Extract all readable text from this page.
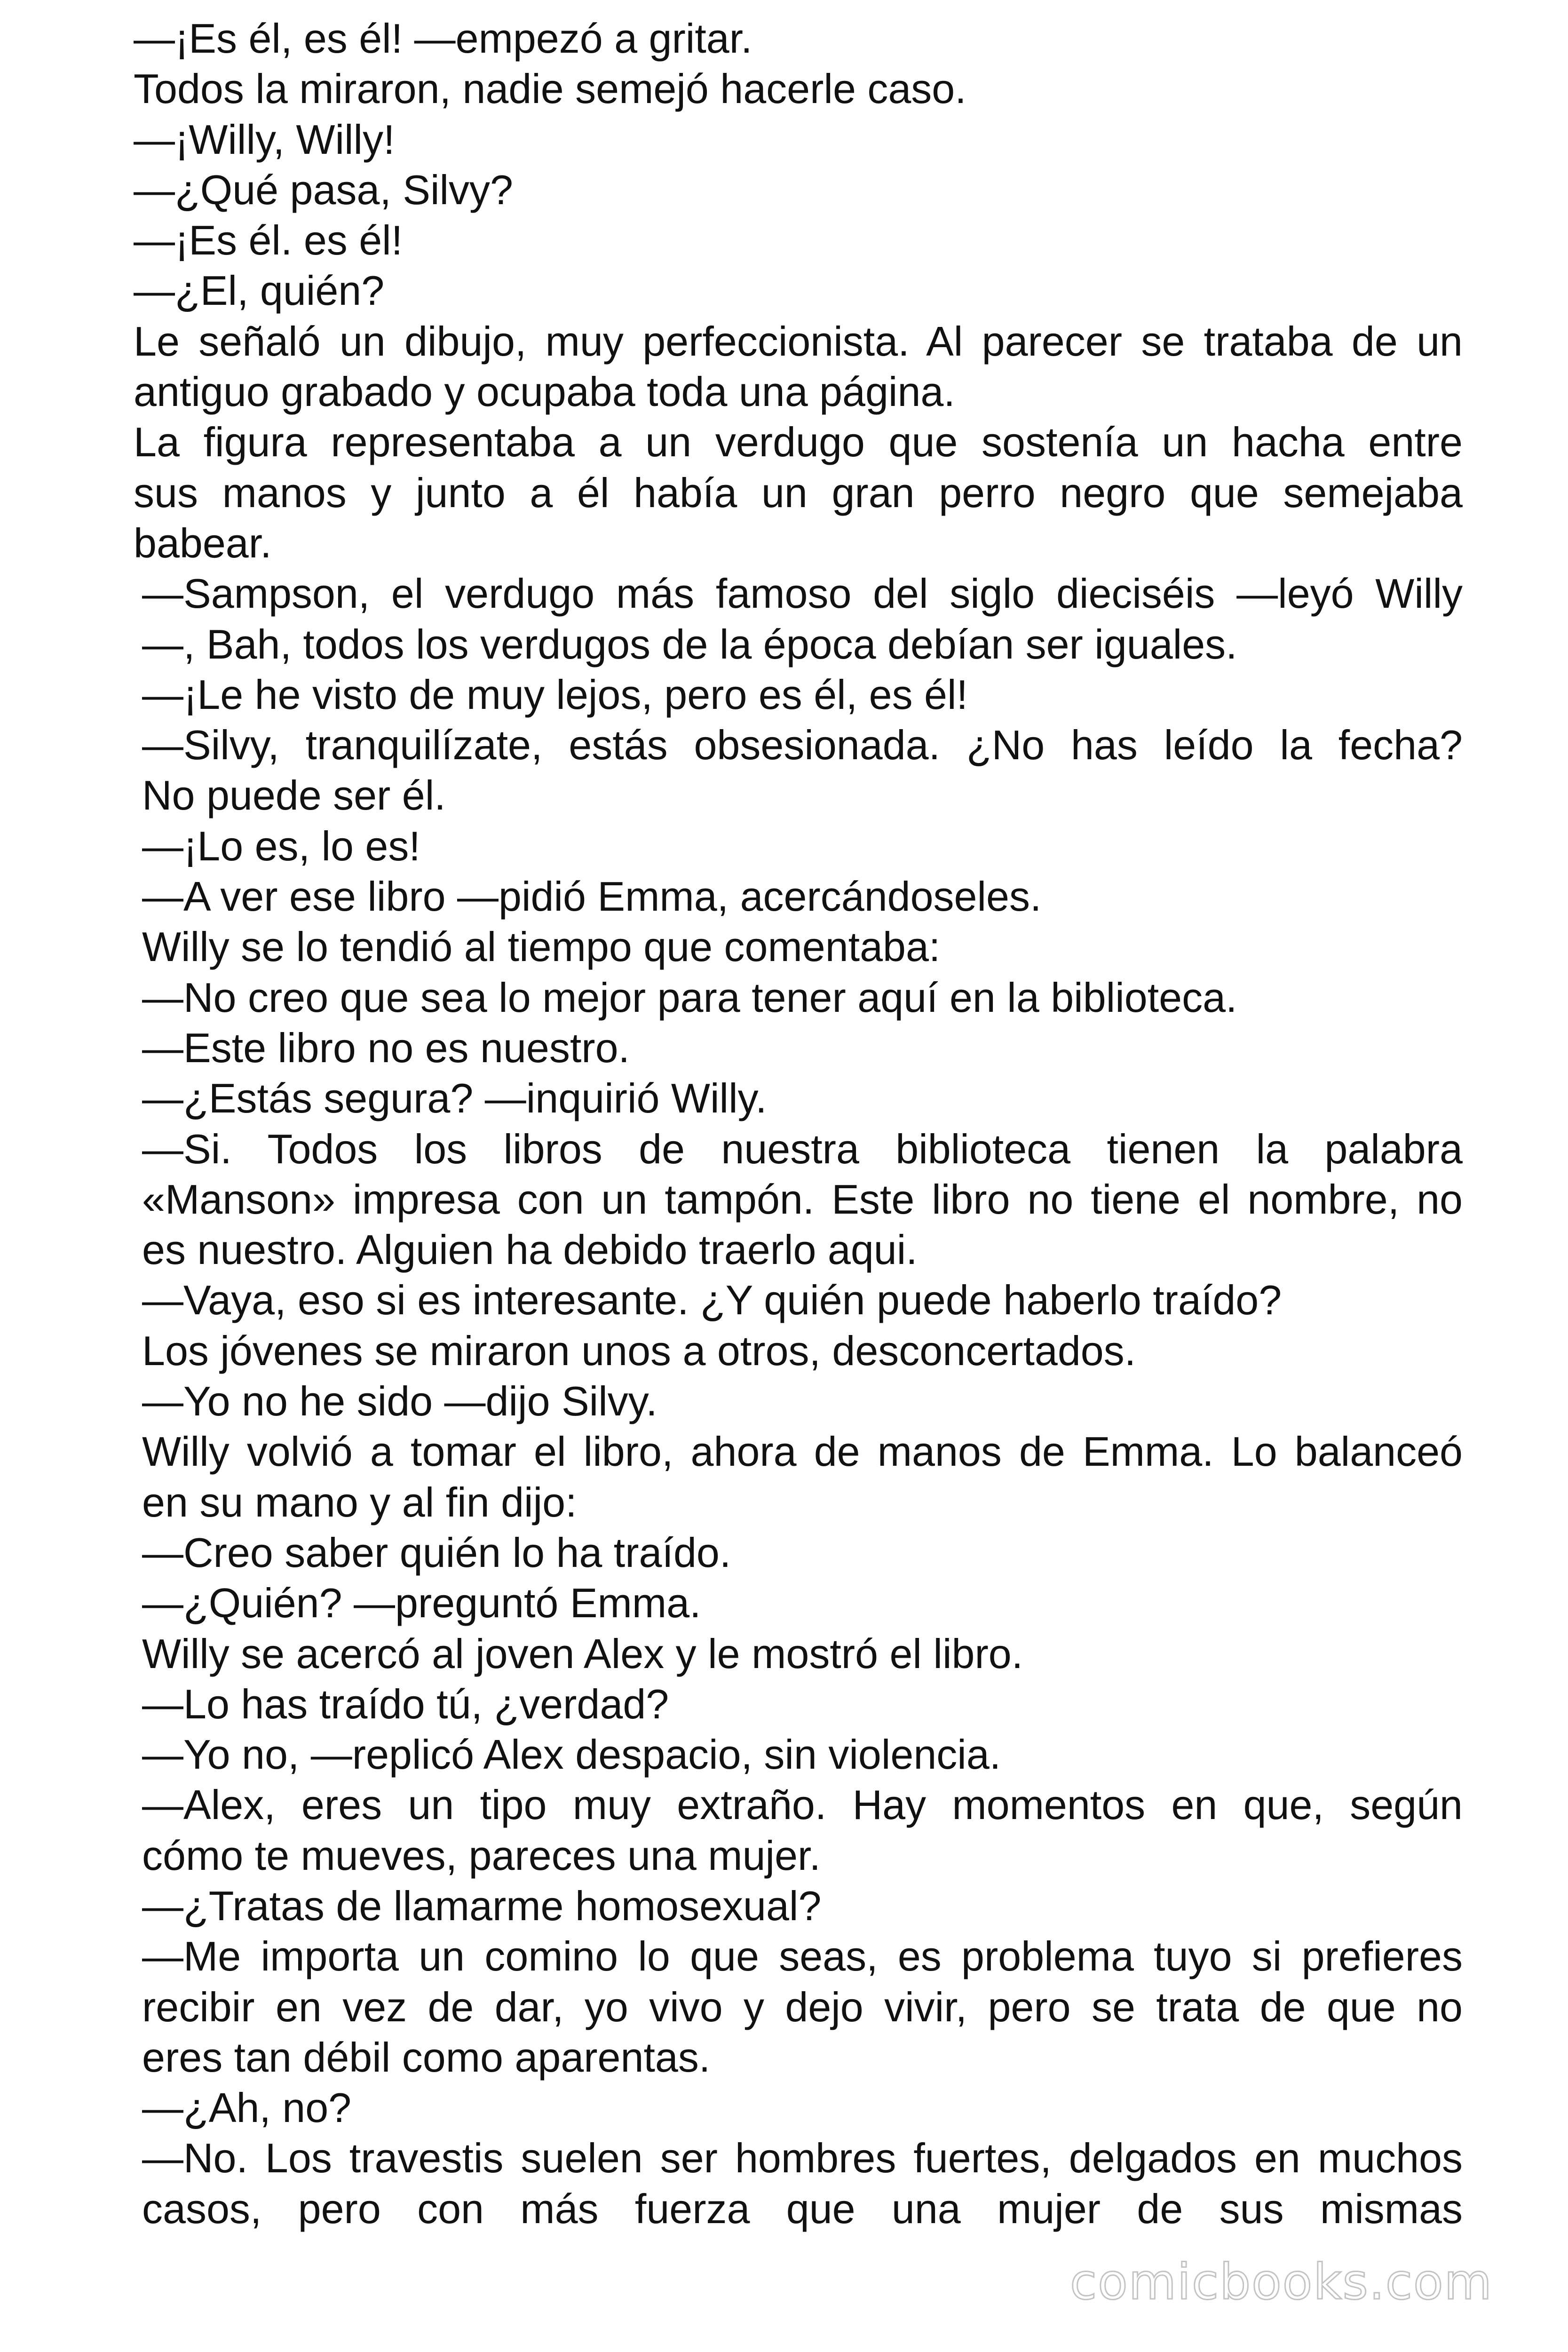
—¡Es él, es él! —empezó a gritar.
Todos la miraron, nadie semejó hacerle caso.
—¡Willy, Willy!
—¿Qué pasa, Silvy?
—¡Es él. es él!
—¿El, quién?
Le señaló un dibujo, muy perfeccionista. Al parecer se trataba de un
antiguo grabado y ocupaba toda una página.
La figura representaba a un verdugo que sostenía un hacha entre
sus manos y junto a él había un gran perro negro que semejaba
babear.
—Sampson, el verdugo más famoso del siglo dieciséis —leyó Willy
—, Bah, todos los verdugos de la época debían ser iguales.
—¡Le he visto de muy lejos, pero es él, es él!
—Silvy, tranquilízate, estás obsesionada. ¿No has leído la fecha?
No puede ser él.
—¡Lo es, lo es!
—A ver ese libro —pidió Emma, acercándoseles.
Willy se lo tendió al tiempo que comentaba:
—No creo que sea lo mejor para tener aquí en la biblioteca.
—Este libro no es nuestro.
—¿Estás segura? —inquirió Willy.
—Si. Todos los libros de nuestra biblioteca tienen la palabra
«Manson» impresa con un tampón. Este libro no tiene el nombre, no
es nuestro. Alguien ha debido traerlo aqui.
—Vaya, eso si es interesante. ¿Y quién puede haberlo traído?
Los jóvenes se miraron unos a otros, desconcertados.
—Yo no he sido —dijo Silvy.
Willy volvió a tomar el libro, ahora de manos de Emma. Lo balanceó
en su mano y al fin dijo:
—Creo saber quién lo ha traído.
—¿Quién? —preguntó Emma.
Willy se acercó al joven Alex y le mostró el libro.
—Lo has traído tú, ¿verdad?
—Yo no, —replicó Alex despacio, sin violencia.
—Alex, eres un tipo muy extraño. Hay momentos en que, según
cómo te mueves, pareces una mujer.
—¿Tratas de llamarme homosexual?
—Me importa un comino lo que seas, es problema tuyo si prefieres
recibir en vez de dar, yo vivo y dejo vivir, pero se trata de que no
eres tan débil como aparentas.
—¿Ah, no?
—No. Los travestis suelen ser hombres fuertes, delgados en muchos
casos, pero con más fuerza que una mujer de sus mismas
comicbooks.com
